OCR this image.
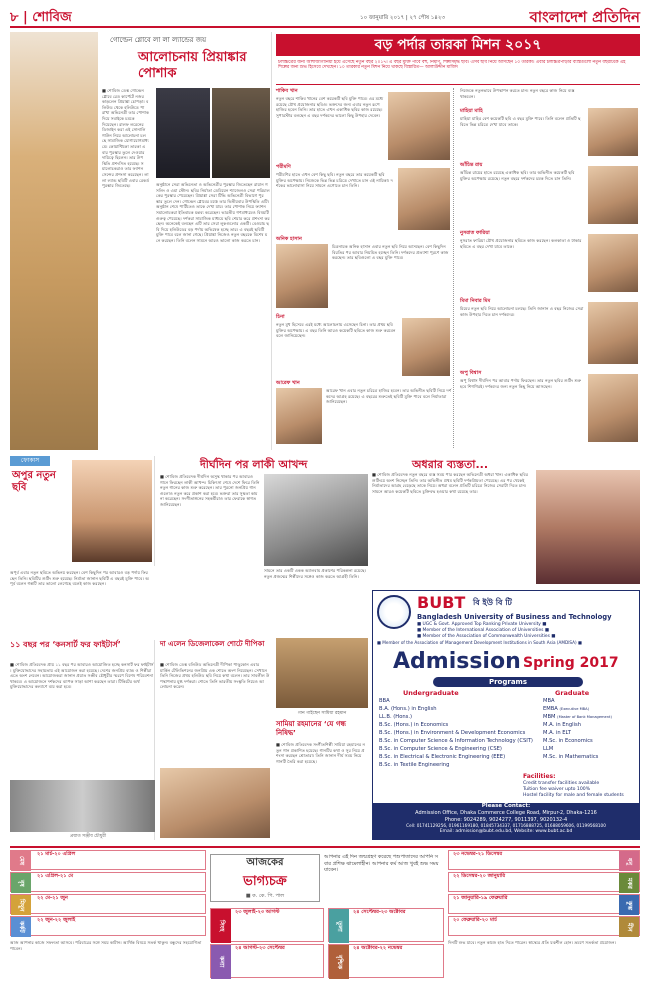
৮ | শোবিজ	১০ জানুয়ারি ২০১৭ | ২৭ পৌষ ১৪২৩	বাংলাদেশ প্রতিদিন
গোল্ডেন গ্লোবে লা লা ল্যান্ডের জয়
আলোচনায় প্রিয়াঙ্কার পোশাক
■ শোবিজ ডেস্ক গোল্ডেন গ্লোবে রেড কার্পেটে নজর কাড়লেন প্রিয়াঙ্কা চোপড়া। বলিউড থেকে হলিউডে পা রাখা অভিনেত্রী তার পোশাক দিয়ে সবাইকে চমকে দিয়েছেন। রালফ লরেনের ডিজাইন করা এই সোনালি গাউন নিয়ে আলোচনা চলছে সামাজিক যোগাযোগমাধ্যমে। কোয়ান্টিকো তারকা এবার পুরস্কার তুলে দেওয়ার দায়িত্বে ছিলেন। তার উপস্থিতি প্রশংসিত হয়েছে। সমালোচকরাও তার ফ্যাশন সেন্সের প্রশংসা করেছেন। লা লা ল্যান্ড ছবিটি এবার রেকর্ড পুরস্কার জিতেছে।	অনুষ্ঠানে সেরা অভিনেতা ও অভিনেত্রীর পুরস্কার জিতেছেন রায়ান গসলিং ও এমা স্টোন। ছবির নির্মাতা ডেমিয়েন শ্যাজেলও সেরা পরিচালকের পুরস্কার পেয়েছেন। প্রিয়াঙ্কা সেরা টিভি অভিনেত্রী বিভাগে পুরস্কার তুলে দেন। গোল্ডেন গ্লোবের মঞ্চে তার দ্বিতীয়বার উপস্থিতি এটি। অনুষ্ঠান শেষে পার্টিতেও তাকে দেখা যায়। তার পোশাক নিয়ে ফ্যাশন সমালোচকরা ইতিবাচক মন্তব্য করেছেন। ভারতীয় গণমাধ্যমেও বিষয়টি গুরুত্ব পেয়েছে। দর্শকরা সামাজিক মাধ্যমে ছবি শেয়ার করে প্রশংসা করছেন। অনেকেই বলছেন এটি তার সেরা লুকগুলোর একটি। বেওয়াচ ছবি দিয়ে হলিউডের বড় পর্দায় অভিষেক হচ্ছে তার। এ বছরই ছবিটি মুক্তি পাবে বলে জানা গেছে। প্রিয়াঙ্কা নিজেও নতুন বছরকে বিশেষ মনে করছেন। তিনি বলেন সামনে আরও ভালো কাজ করতে চান।
বড় পর্দার তারকা মিশন ২০১৭
চলচ্চিত্রের জন্য আশাজাগানিয়া হয়ে এসেছে নতুন বছর ২০১৭। এ বছর মুক্তি পাবে বহু, নির্মাণ, শিল্পীসমৃদ্ধ ছবি। এসব ছবি নিয়ে আসছেন ১০ তারকা। এবার চলচ্চিত্রপাড়ার ব্যস্তিগুলো নতুন বছরটিকে এই শিল্পের জন্য শুভ হিসেবে দেখছেন। ১০ তারকার নতুন মিশন নিয়ে থাকছে বিস্তারিত— আলাউদ্দীন মাজিদ
শাকিব খান
নতুন বছরে শাকিব খানের বেশ কয়েকটি ছবি মুক্তি পাবে। এর মধ্যে রয়েছে যৌথ প্রযোজনার ছবিও। ভক্তদের জন্য এবার নতুন রূপে হাজির হবেন তিনি। তার হাতে এখন একাধিক ছবির কাজ রয়েছে। সুপারস্টার বলছেন এ বছর দর্শকদের ভালো কিছু উপহার দেবেন।
পরীমণি
পরীমণির হাতে এখন বেশ কিছু ছবি। নতুন বছরে তার কয়েকটি ছবি মুক্তির অপেক্ষায়। নিজেকে ভিন্ন ভিন্ন চরিত্রে দেখাতে চান এই নায়িকা। দর্শকের ভালোবাসা নিয়ে সামনে এগোতে চান তিনি।
অনিক হাসান
চিত্রনায়ক অনিক হাসান এবার নতুন ছবি নিয়ে আসছেন। বেশ কিছুদিন বিরতির পর আবার নিয়মিত হচ্ছেন তিনি। দর্শকদের প্রত্যাশা পূরণে কাজ করছেন। তার ছবিগুলো এ বছর মুক্তি পাবে।
চিনা
নতুন মুখ হিসেবে এরই মধ্যে আলোচনায় এসেছেন চিনা। তার প্রথম ছবি মুক্তির অপেক্ষায়। এ বছর তিনি আরও কয়েকটি ছবিতে কাজ শুরু করবেন বলে জানিয়েছেন।
আরেফ খান
আরেফ খান এবার নতুন চরিত্রে হাজির হবেন। তার অভিনীত ছবিটি নিয়ে দর্শকদের আগ্রহ রয়েছে। এ বছরের শুরুতেই ছবিটি মুক্তি পাবে বলে নির্মাতারা জানিয়েছেন।
নিজেকে নতুনভাবে উপস্থাপন করতে চান। নতুন বছরে কাজ নিয়ে ব্যস্ত থাকবেন।
মাহিয়া মাহি
মাহিয়া মাহির বেশ কয়েকটি ছবি এ বছর মুক্তি পাবে। তিনি বলেন প্রতিটি ছবিতে ভিন্ন চরিত্রে দেখা যাবে তাকে।
আঁচিন্ত রায়
আঁচিন্ত রায়ের হাতে রয়েছে একাধিক ছবি। তার অভিনীত কয়েকটি ছবি মুক্তির অপেক্ষায় রয়েছে। নতুন বছরে দর্শকদের চমক দিতে চান তিনি।
নুসরাত ফারিয়া
নুসরাত ফারিয়া যৌথ প্রযোজনার ছবিতে কাজ করছেন। কলকাতা ও ঢাকার ছবিতে এ বছর দেখা যাবে তাকে।
মিমা নিবার মিম
মিমের নতুন ছবি নিয়ে আলোচনা চলছে। তিনি জানান এ বছর নিজের সেরা কাজ উপহার দিতে চান দর্শকদের।
অপু বিশ্বাস
অপু বিশ্বাস দীর্ঘদিন পর আবার পর্দায় ফিরছেন। তার নতুন ছবির শুটিং শুরু হবে শিগগিরই। দর্শকদের জন্য নতুন কিছু নিয়ে আসছেন।
ফোকাস
অপুর নতুন ছবি
অপূর্ব এবার নতুন ছবিতে অভিনয় করছেন। বেশ কিছুদিন পর আবারও বড় পর্দায় ফিরছেন তিনি। ছবিটির শুটিং শুরু হয়েছে। নির্মাতা জানান ছবিটি এ বছরই মুক্তি পাবে। অপূর্ব বলেন গল্পটি তার ভালো লেগেছে বলেই কাজ করছেন।
১১ বছর পর ‘কনসার্ট ফর ফাইটার্স’
■ শোবিজ প্রতিবেদক প্রায় ১১ বছর পর আবারও আয়োজিত হচ্ছে কনসার্ট ফর ফাইটার্স। মুক্তিযোদ্ধাদের সহায়তায় এই আয়োজন করা হয়েছে। দেশের জনপ্রিয় ব্যান্ড ও শিল্পীরা এতে অংশ নেবেন। আয়োজকরা জানান প্রয়াত সঞ্জীব চৌধুরীর স্মরণে বিশেষ পরিবেশনা থাকবে। এ আয়োজনে দর্শকদের ব্যাপক সাড়া আশা করছেন তারা। টিকিটের অর্থ মুক্তিযোদ্ধাদের কল্যাণে ব্যয় করা হবে।
প্রয়াত সঞ্জীব চৌধুরী
দা এলেন ডিজেলাকেল শোটে দীপিকা
■ শোবিজ ডেস্ক বলিউড অভিনেত্রী দীপিকা পাড়ুকোন এবার মার্কিন টেলিভিশনের জনপ্রিয় এক শোতে অংশ নিয়েছেন। সেখানে তিনি নিজের প্রথম হলিউড ছবি নিয়ে কথা বলেন। তার সাবলীল উপস্থাপনায় মুগ্ধ দর্শকরা। শোতে তিনি ভারতীয় সংস্কৃতি নিয়েও আলোচনা করেন।
দীর্ঘদিন পর লাকী আখন্দ
■ শোবিজ প্রতিবেদক দীর্ঘদিন অসুস্থ থাকার পর আবারও গানে ফিরছেন লাকী আখন্দ। চিকিৎসা শেষে দেশে ফিরে তিনি নতুন গানের কাজ শুরু করেছেন। তার পুরনো জনপ্রিয় গানগুলোও নতুন করে প্রকাশ করা হবে। ভক্তরা তার সুস্থতা কামনা করেছেন। সংগীতাঙ্গনের সহকর্মীরাও তার ফেরাকে স্বাগত জানিয়েছেন।
সামনে তার একটি একক অ্যালবাম প্রকাশের পরিকল্পনা রয়েছে। নতুন প্রজন্মের শিল্পীদের সঙ্গেও কাজ করতে আগ্রহী তিনি।
গান গাইছেন সামিয়া রহমান
সামিয়া রহমানের ‘যে গন্ধ নিষিদ্ধ’
■ শোবিজ প্রতিবেদক সংগীতশিল্পী সামিয়া রহমানের নতুন গান প্রকাশিত হয়েছে। গানটির কথা ও সুর নিয়ে প্রশংসা করছেন শ্রোতারা। তিনি জানান দীর্ঘ সময় নিয়ে গানটি তৈরি করা হয়েছে।
অধরার ব্যস্ততা...
■ শোবিজ প্রতিবেদক নতুন বছরে ব্যস্ত সময় পার করছেন অভিনেত্রী অধরা খান। একাধিক ছবির শুটিংয়ে অংশ নিচ্ছেন তিনি। তার অভিনীত প্রথম ছবিটি দর্শকপ্রিয়তা পেয়েছে। এর পর থেকেই নির্মাতাদের আগ্রহ বেড়েছে তাকে নিয়ে। অধরা বলেন প্রতিটি চরিত্রে নিজের সেরাটা দিতে চান। সামনে আরও কয়েকটি ছবিতে চুক্তিবদ্ধ হওয়ার কথা রয়েছে তার।
BUBT বি ইউ বি টি
Bangladesh University of Business and Technology
■ UGC & Govt. Approved Top Ranking Private University ■
■ Member of the International Association of Universities ■
■ Member of the Association of Commonwealth Universities ■
■ Member of the Association of Management Development Institutions in South Asia (AMDISA) ■
Admission Spring 2017
Programs
Undergraduate	Graduate
BBA
B.A. (Hons.) in English
LL.B. (Hons.)
B.Sc. (Hons.) in Economics
B.Sc. (Hons.) in Environment & Development Economics
B.Sc. in Computer Science & Information Technology (CSIT)
B.Sc. in Computer Science & Engineering (CSE)
B.Sc. in Electrical & Electronic Engineering (EEE)
B.Sc. in Textile Engineering
MBA
EMBA (Executive MBA)
MBM (Master of Bank Management)
M.A. in English
M.A. in ELT
M.Sc. in Economics
LLM
M.Sc. in Mathematics
Facilities:
Credit transfer facilities available
Tuition fee waiver upto 100%
Hostel facility for male and female students
Please Contact:
Admission Office, Dhaka Commerce College Road, Mirpur-2, Dhaka-1216
Phone: 9024289, 9024277, 9011397, 9020132-4
Cell: 01741129256, 01961169180, 01845734337, 01716888725, 01688059606, 01199568100
Email: admission@bubt.edu.bd, Website: www.bubt.ac.bd
আজকের
ভাগ্যচক্র
■ ক. কে. পি. পাল
আপনার এই দিন জন্মগ্রহণ করেছে পশুপাতাদের আপনি সবার প্রশিক্ষ ঝামেলাহীন। আপনার কর্ম আজ খুবই শুভ সময় যাবেন।
২১ মার্চ-২০ এপ্রিল
মেষ
২১ এপ্রিল-২১ মে
বৃষ
২২ মে-২১ জুন
মিথুন
২২ জুন-২২ জুলাই
কর্কট
২৩ জুলাই-২৩ আগস্ট
সিংহ
২৪ আগস্ট-২৩ সেপ্টেম্বর
কন্যা
২৪ সেপ্টেম্বর-২৩ অক্টোবর
তুলা
২৪ অক্টোবর-২২ নভেম্বর
বৃশ্চিক
২৩ নভেম্বর-২১ ডিসেম্বর
ধনু
২২ ডিসেম্বর-২০ জানুয়ারি
মকর
২১ জানুয়ারি-১৯ ফেব্রুয়ারি
কুম্ভ
২০ ফেব্রুয়ারি-২০ মার্চ
মীন
আজ আপনার কাজে সফলতা আসবে। পরিবারের সঙ্গে সময় কাটান। আর্থিক বিষয়ে সতর্ক থাকুন। বন্ধুদের সহযোগিতা পাবেন।
দিনটি শুভ যাবে। নতুন কাজে হাত দিতে পারেন। স্বাস্থ্যের প্রতি যত্নশীল হোন। ভ্রমণে সতর্কতা প্রয়োজন।
